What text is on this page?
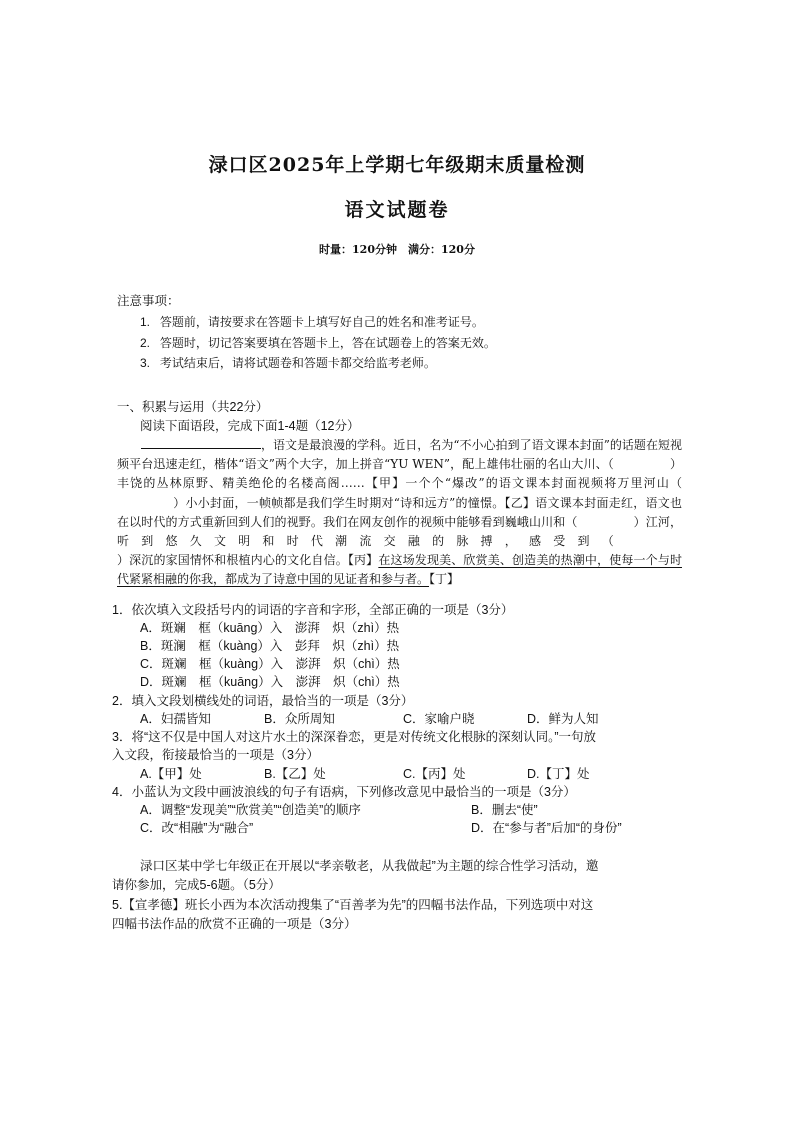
渌口区2025年上学期七年级期末质量检测
语文试题卷
时量：120分钟　满分：120分
注意事项：
1. 答题前，请按要求在答题卡上填写好自己的姓名和准考证号。
2. 答题时，切记答案要填在答题卡上，答在试题卷上的答案无效。
3. 考试结束后，请将试题卷和答题卡都交给监考老师。
一、积累与运用（共22分）
阅读下面语段，完成下面1-4题（12分）
，语文是最浪漫的学科。近日，名为“不小心拍到了语文课本封面”的话题在短视频平台迅速走红，楷体“语文”两个大字，加上拼音“YU WEN”，配上雄伟壮丽的名山大川、（	）丰饶的丛林原野、精美绝伦的名楼高阁……【甲】一个个“爆改”的语文课本封面视频将万里河山（）小小封面，一帧帧都是我们学生时期对“诗和远方”的憧憬。【乙】语文课本封面走红，语文也在以时代的方式重新回到人们的视野。我们在网友创作的视频中能够看到巍峨山川和（	）江河，听到悠久文明和时代潮流交融的脉搏，感受到（）深沉的家国情怀和根植内心的文化自信。【丙】在这场发现美、欣赏美、创造美的热潮中，使每一个与时代紧紧相融的你我，都成为了诗意中国的见证者和参与者。【丁】
1．依次填入文段括号内的词语的字音和字形，全部正确的一项是（3分）
A．斑斓　框（kuāng）入　澎湃　炽（zhì）热
B．斑澜　框（kuàng）入　彭拜　炽（zhì）热
C．斑斓　框（kuàng）入　澎湃　炽（chì）热
D．斑斓　框（kuāng）入　澎湃　炽（chì）热
2．填入文段划横线处的词语，最恰当的一项是（3分）
A．妇孺皆知	B．众所周知	C．家喻户晓	D．鲜为人知
3．将“这不仅是中国人对这片水土的深深眷恋，更是对传统文化根脉的深刻认同。”一句放
入文段，衔接最恰当的一项是（3分）
A.【甲】处	B.【乙】处	C.【丙】处	D.【丁】处
4．小蓝认为文段中画波浪线的句子有语病，下列修改意见中最恰当的一项是（3分）
A．调整“发现美”“欣赏美”“创造美”的顺序	B．删去“使”
C．改“相融”为“融合”	D．在“参与者”后加“的身份”
渌口区某中学七年级正在开展以“孝亲敬老，从我做起”为主题的综合性学习活动，邀
请你参加，完成5-6题。（5分）
5.【宣孝德】班长小西为本次活动搜集了“百善孝为先”的四幅书法作品，下列选项中对这
四幅书法作品的欣赏不正确的一项是（3分）
